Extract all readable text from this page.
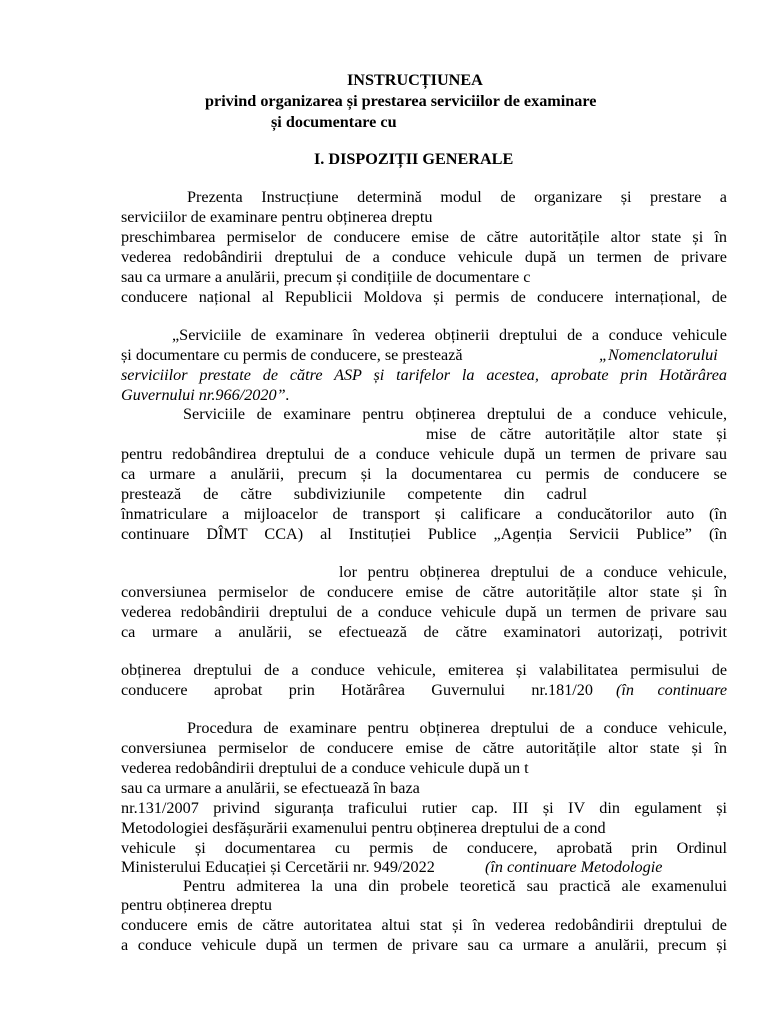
INSTRUCȚIUNEA
privind organizarea și prestarea serviciilor de examinare
și documentare cu
I. DISPOZIȚII GENERALE
Prezenta Instrucțiune determină modul de organizare și prestare a
serviciilor de examinare pentru obținerea dreptu
preschimbarea permiselor de conducere emise de către autoritățile altor state și în
vederea redobândirii dreptului de a conduce vehicule după un termen de privare
sau ca urmare a anulării, precum și condițiile de documentare c
conducere național al Republicii Moldova și permis de conducere internațional, de
„Serviciile de examinare în vederea obținerii dreptului de a conduce vehicule
și documentare cu permis de conducere, se prestează	„Nomenclatorului
serviciilor prestate de către ASP și tarifelor la acestea, aprobate prin Hotărârea
Guvernului nr.966/2020”.
Serviciile de examinare pentru obținerea dreptului de a conduce vehicule,
mise de către autoritățile altor state și
pentru redobândirea dreptului de a conduce vehicule după un termen de privare sau
ca urmare a anulării, precum și la documentarea cu permis de conducere se
prestează de către subdiviziunile competente din cadrul
înmatriculare a mijloacelor de transport și calificare a conducătorilor auto (în
continuare DÎMT CCA) al Instituției Publice „Agenția Servicii Publice” (în
lor pentru obținerea dreptului de a conduce vehicule,
conversiunea permiselor de conducere emise de către autoritățile altor state și în
vederea redobândirii dreptului de a conduce vehicule după un termen de privare sau
ca urmare a anulării, se efectuează de către examinatori autorizați, potrivit
obținerea dreptului de a conduce vehicule, emiterea și valabilitatea permisului de
conducere aprobat prin Hotărârea Guvernului nr.181/20 (în continuare
Procedura de examinare pentru obținerea dreptului de a conduce vehicule,
conversiunea permiselor de conducere emise de către autoritățile altor state și în
vederea redobândirii dreptului de a conduce vehicule după un t
sau ca urmare a anulării, se efectuează în baza
nr.131/2007 privind siguranța traficului rutier cap. III și IV din egulament și
Metodologiei desfășurării examenului pentru obținerea dreptului de a cond
vehicule și documentarea cu permis de conducere, aprobată prin Ordinul
Ministerului Educației și Cercetării nr. 949/2022	(în continuare Metodologie
Pentru admiterea la una din probele teoretică sau practică ale examenului
pentru obținerea dreptu
conducere emis de către autoritatea altui stat și în vederea redobândirii dreptului de
a conduce vehicule după un termen de privare sau ca urmare a anulării, precum și
